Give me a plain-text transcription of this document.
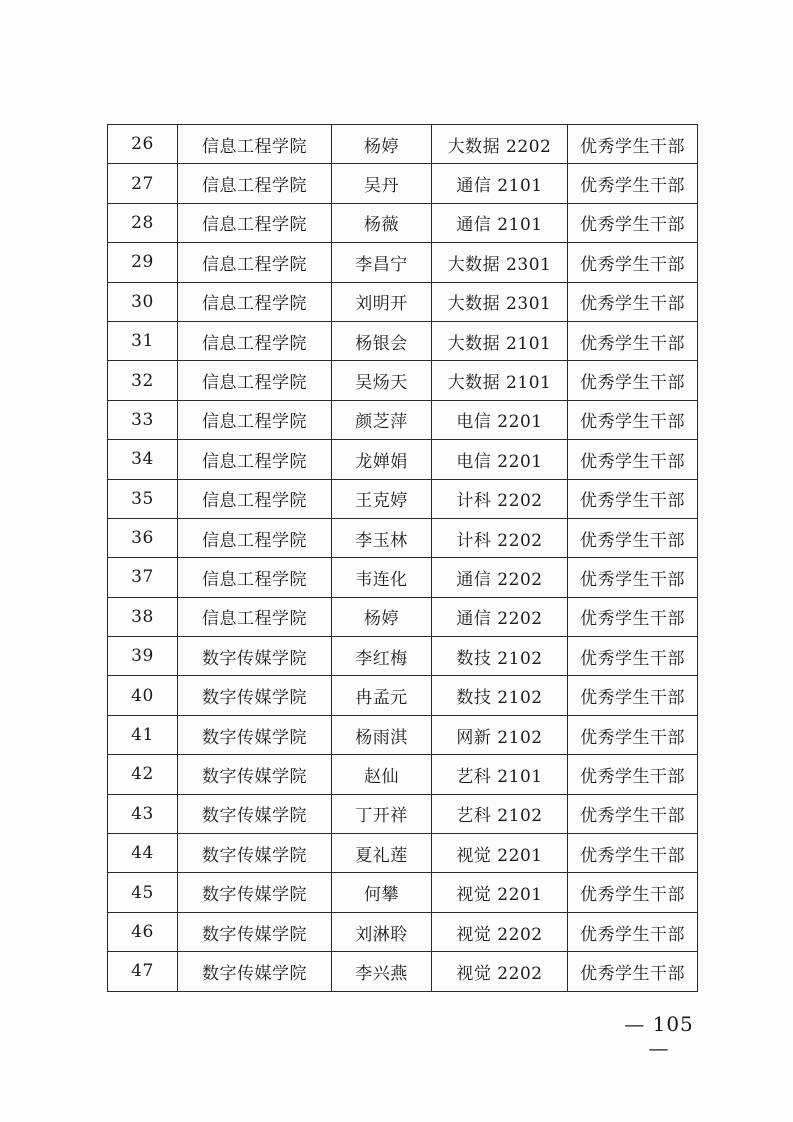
26	信息工程学院	杨婷	大数据 2202	优秀学生干部
27	信息工程学院	吴丹	通信 2101	优秀学生干部
28	信息工程学院	杨薇	通信 2101	优秀学生干部
29	信息工程学院	李昌宁	大数据 2301	优秀学生干部
30	信息工程学院	刘明开	大数据 2301	优秀学生干部
31	信息工程学院	杨银会	大数据 2101	优秀学生干部
32	信息工程学院	吴炀天	大数据 2101	优秀学生干部
33	信息工程学院	颜芝萍	电信 2201	优秀学生干部
34	信息工程学院	龙婵娟	电信 2201	优秀学生干部
35	信息工程学院	王克婷	计科 2202	优秀学生干部
36	信息工程学院	李玉林	计科 2202	优秀学生干部
37	信息工程学院	韦连化	通信 2202	优秀学生干部
38	信息工程学院	杨婷	通信 2202	优秀学生干部
39	数字传媒学院	李红梅	数技 2102	优秀学生干部
40	数字传媒学院	冉孟元	数技 2102	优秀学生干部
41	数字传媒学院	杨雨淇	网新 2102	优秀学生干部
42	数字传媒学院	赵仙	艺科 2101	优秀学生干部
43	数字传媒学院	丁开祥	艺科 2102	优秀学生干部
44	数字传媒学院	夏礼莲	视觉 2201	优秀学生干部
45	数字传媒学院	何攀	视觉 2201	优秀学生干部
46	数字传媒学院	刘淋聆	视觉 2202	优秀学生干部
47	数字传媒学院	李兴燕	视觉 2202	优秀学生干部
— 105 —
